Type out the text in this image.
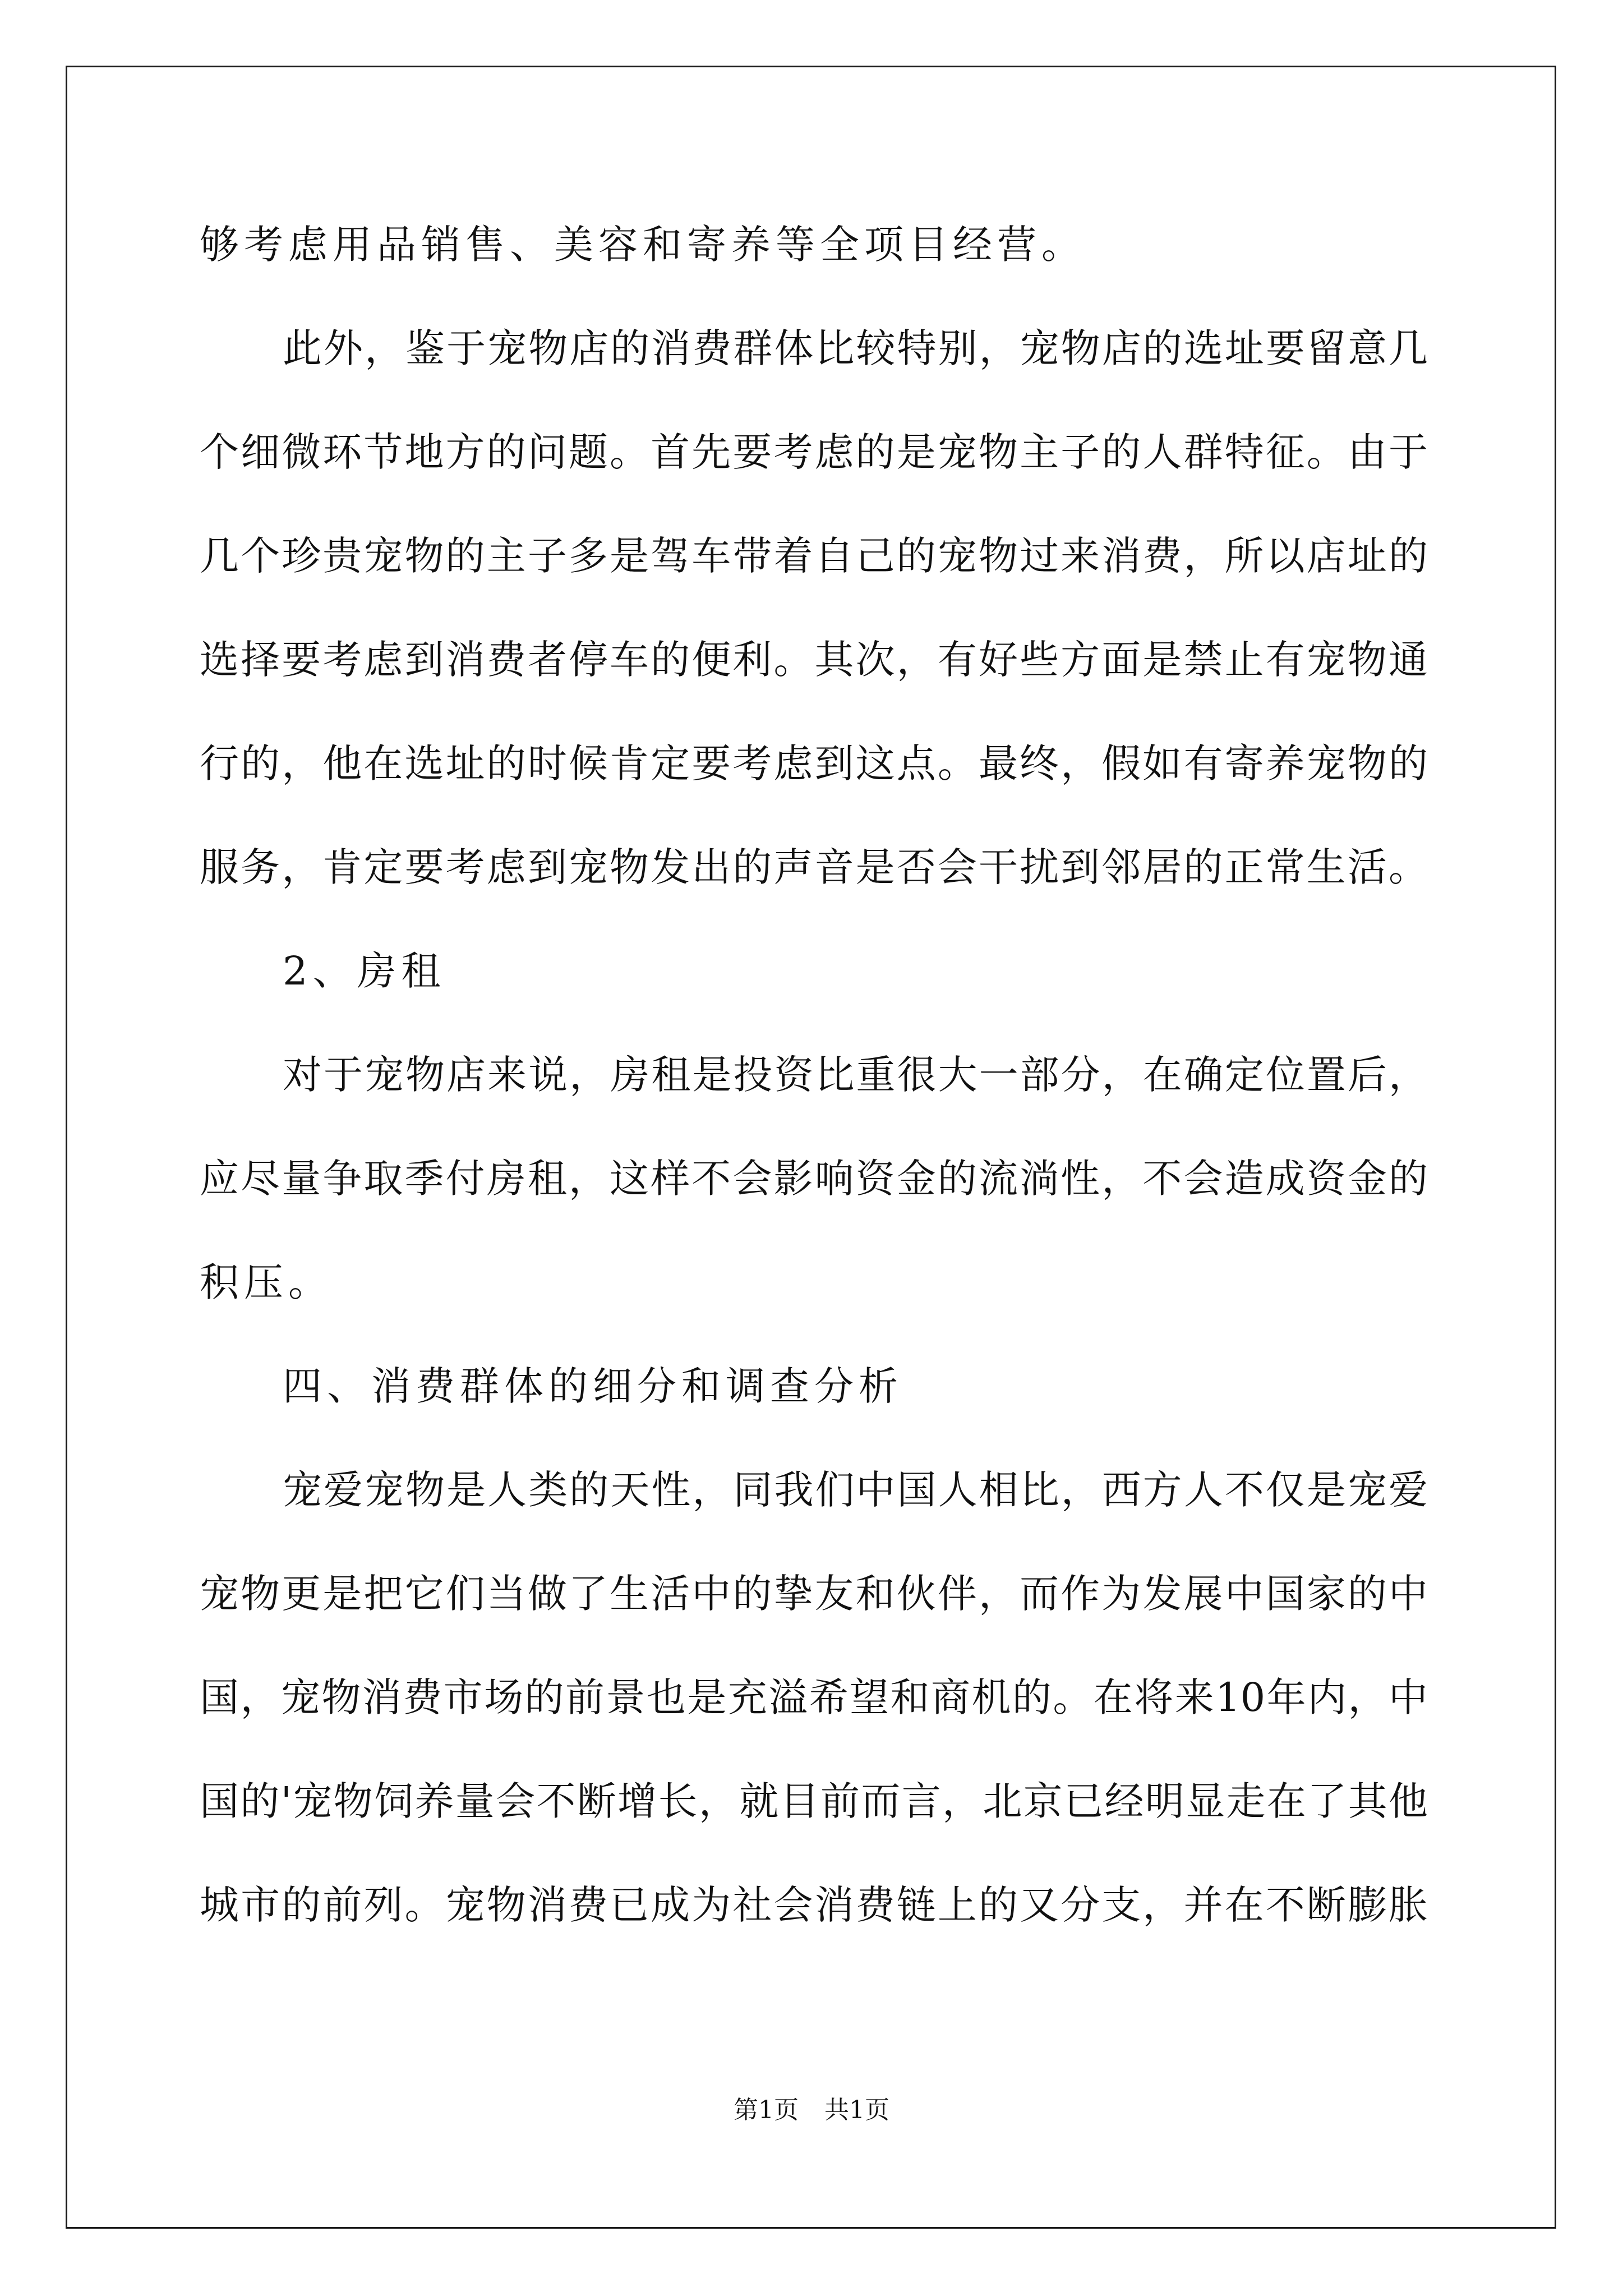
够考虑用品销售、美容和寄养等全项目经营。
此外，鉴于宠物店的消费群体比较特别，宠物店的选址要留意几
个细微环节地方的问题。首先要考虑的是宠物主子的人群特征。由于
几个珍贵宠物的主子多是驾车带着自己的宠物过来消费，所以店址的
选择要考虑到消费者停车的便利。其次，有好些方面是禁止有宠物通
行的，他在选址的时候肯定要考虑到这点。最终，假如有寄养宠物的
服务，肯定要考虑到宠物发出的声音是否会干扰到邻居的正常生活。
2、房租
对于宠物店来说，房租是投资比重很大一部分，在确定位置后，
应尽量争取季付房租，这样不会影响资金的流淌性，不会造成资金的
积压。
四、消费群体的细分和调查分析
宠爱宠物是人类的天性，同我们中国人相比，西方人不仅是宠爱
宠物更是把它们当做了生活中的挚友和伙伴，而作为发展中国家的中
国，宠物消费市场的前景也是充溢希望和商机的。在将来10年内，中
国的'宠物饲养量会不断增长，就目前而言，北京已经明显走在了其他
城市的前列。宠物消费已成为社会消费链上的又分支，并在不断膨胀
第1页 共1页
